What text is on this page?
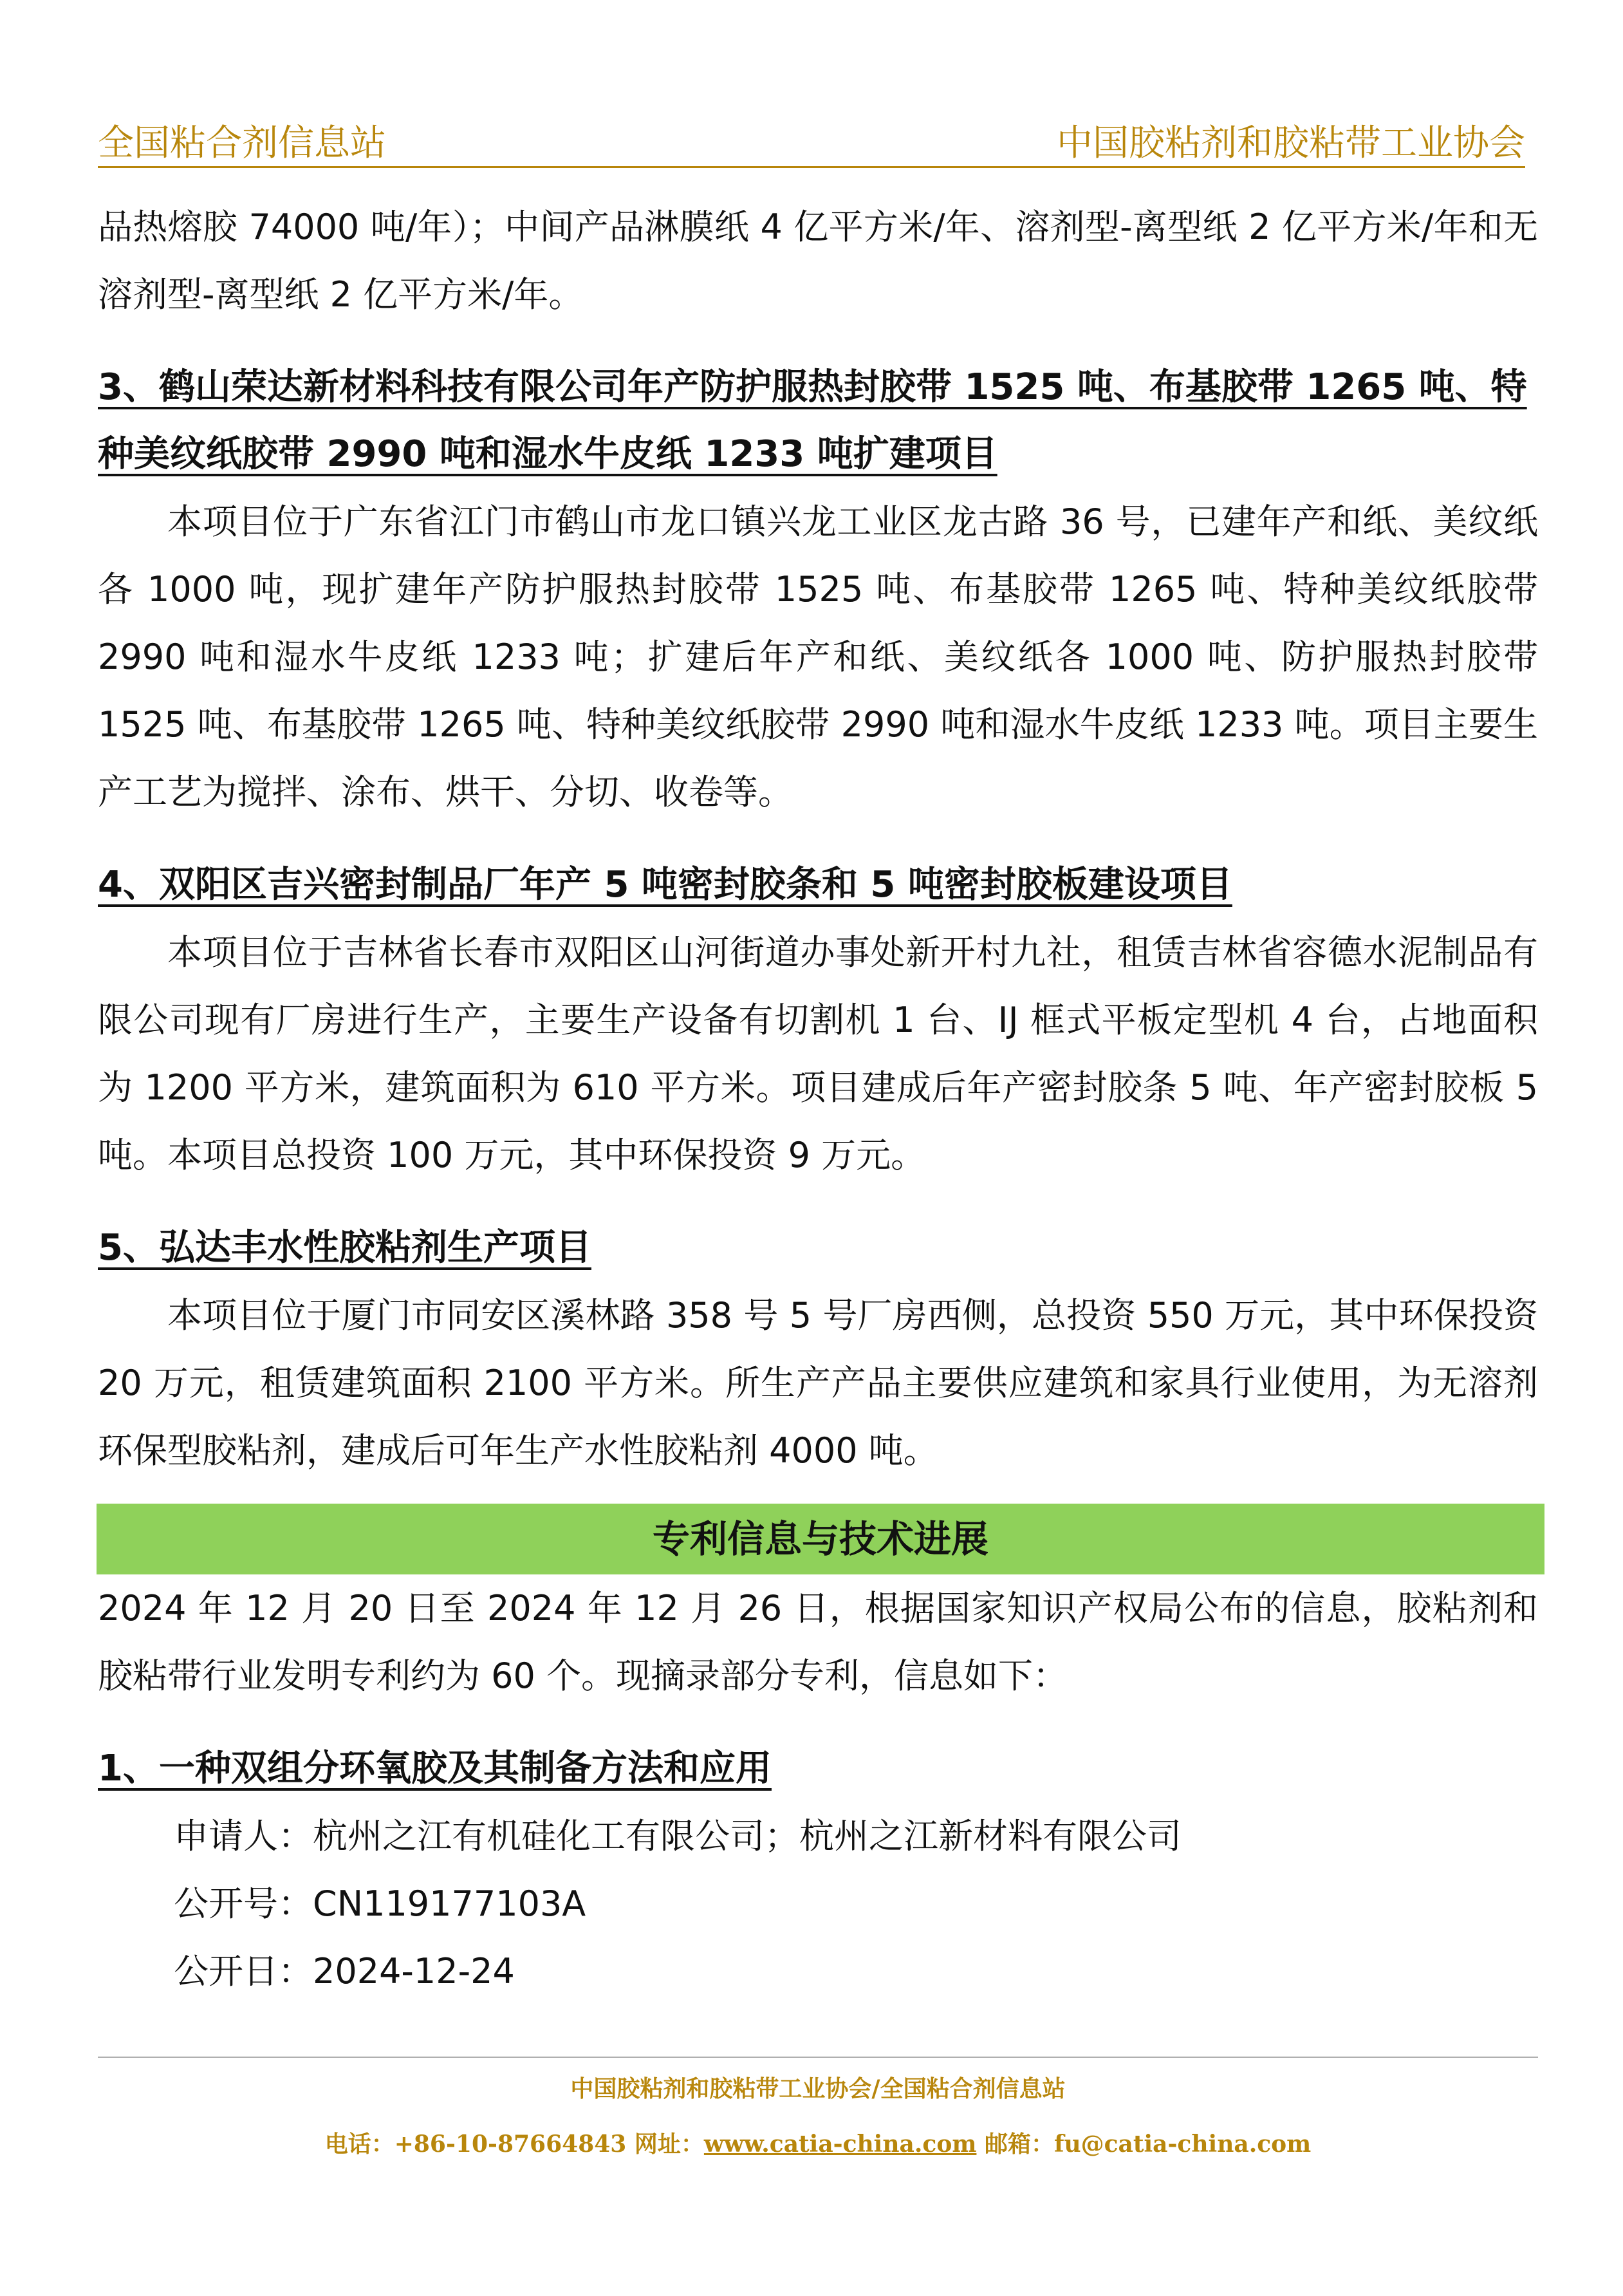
全国粘合剂信息站	中国胶粘剂和胶粘带工业协会

品热熔胶 74000 吨/年）；中间产品淋膜纸 4 亿平方米/年、溶剂型-离型纸 2 亿平方米/年和无溶剂型-离型纸 2 亿平方米/年。

3、鹤山荣达新材料科技有限公司年产防护服热封胶带 1525 吨、布基胶带 1265 吨、特种美纹纸胶带 2990 吨和湿水牛皮纸 1233 吨扩建项目

本项目位于广东省江门市鹤山市龙口镇兴龙工业区龙古路 36 号，已建年产和纸、美纹纸各 1000 吨，现扩建年产防护服热封胶带 1525 吨、布基胶带 1265 吨、特种美纹纸胶带 2990 吨和湿水牛皮纸 1233 吨；扩建后年产和纸、美纹纸各 1000 吨、防护服热封胶带 1525 吨、布基胶带 1265 吨、特种美纹纸胶带 2990 吨和湿水牛皮纸 1233 吨。项目主要生产工艺为搅拌、涂布、烘干、分切、收卷等。

4、双阳区吉兴密封制品厂年产 5 吨密封胶条和 5 吨密封胶板建设项目

本项目位于吉林省长春市双阳区山河街道办事处新开村九社，租赁吉林省容德水泥制品有限公司现有厂房进行生产，主要生产设备有切割机 1 台、IJ 框式平板定型机 4 台，占地面积为 1200 平方米，建筑面积为 610 平方米。项目建成后年产密封胶条 5 吨、年产密封胶板 5 吨。本项目总投资 100 万元，其中环保投资 9 万元。

5、弘达丰水性胶粘剂生产项目

本项目位于厦门市同安区溪林路 358 号 5 号厂房西侧，总投资 550 万元，其中环保投资 20 万元，租赁建筑面积 2100 平方米。所生产产品主要供应建筑和家具行业使用，为无溶剂环保型胶粘剂，建成后可年生产水性胶粘剂 4000 吨。

专利信息与技术进展

2024 年 12 月 20 日至 2024 年 12 月 26 日，根据国家知识产权局公布的信息，胶粘剂和胶粘带行业发明专利约为 60 个。现摘录部分专利，信息如下：

1、一种双组分环氧胶及其制备方法和应用
申请人：杭州之江有机硅化工有限公司；杭州之江新材料有限公司
公开号：CN119177103A
公开日：2024-12-24
中国胶粘剂和胶粘带工业协会/全国粘合剂信息站
电话：+86-10-87664843 网址：www.catia-china.com 邮箱：fu@catia-china.com
